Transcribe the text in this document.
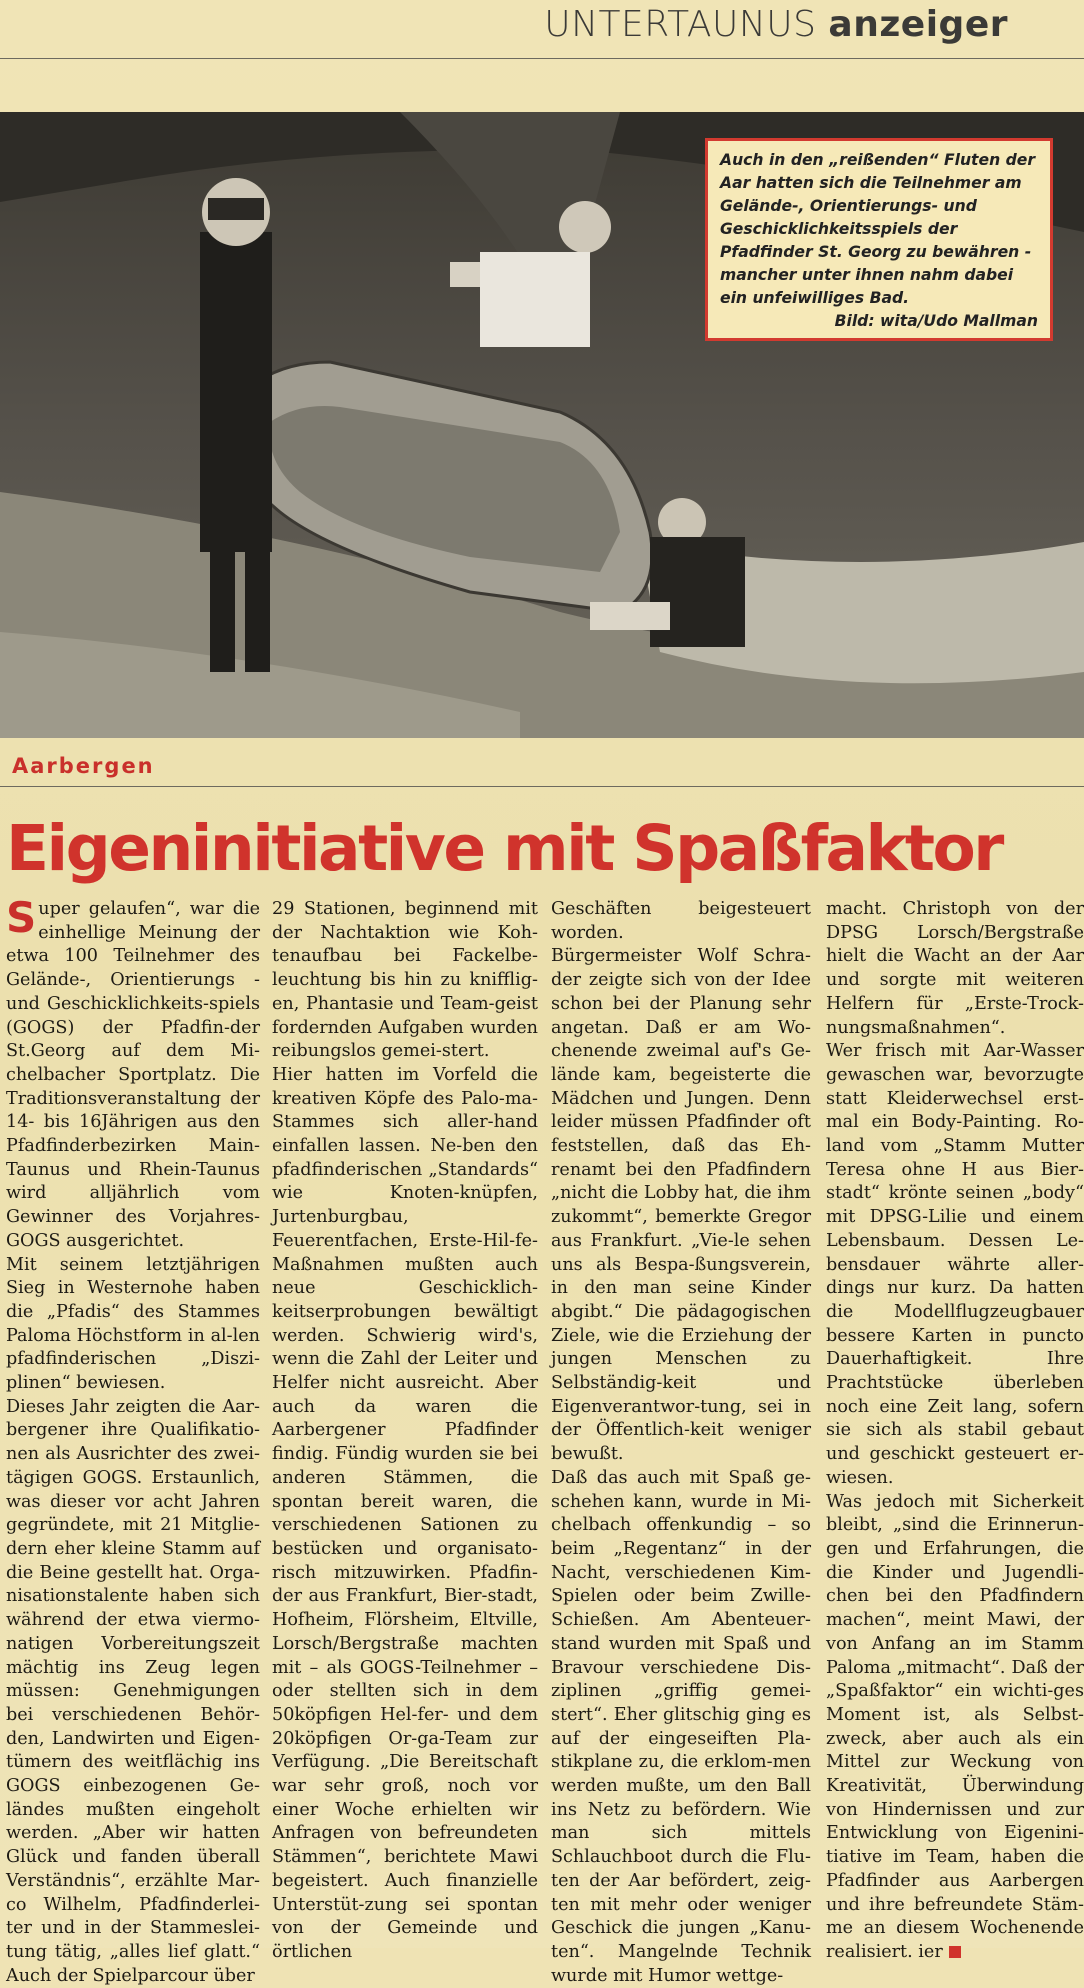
UNTERTAUNUS anzeiger
Auch in den „reißenden“ Fluten der
Aar hatten sich die Teilnehmer am
Gelände-, Orientierungs- und
Geschicklichkeitsspiels der
Pfadfinder St. Georg zu bewähren -
mancher unter ihnen nahm dabei
ein unfeiwilliges Bad.
Bild: wita/Udo Mallman
Aarbergen
Eigeninitiative mit Spaßfaktor

Super gelaufen“, war die einhellige Meinung der etwa 100 Teilnehmer des Gelände-, Orientierungs - und Geschicklichkeits-spiels (GOGS) der Pfadfin-der St.Georg auf dem Mi-chelbacher Sportplatz. Die Traditionsveranstaltung der 14- bis 16Jährigen aus den Pfadfinderbezirken Main-Taunus und Rhein-Taunus wird alljährlich vom Gewinner des Vorjahres-GOGS ausgerichtet.

Mit seinem letztjährigen Sieg in Westernohe haben die „Pfadis“ des Stammes Paloma Höchstform in al-len pfadfinderischen „Diszi-plinen“ bewiesen.

Dieses Jahr zeigten die Aar-bergener ihre Qualifikatio-nen als Ausrichter des zwei-tägigen GOGS. Erstaunlich, was dieser vor acht Jahren gegründete, mit 21 Mitglie-dern eher kleine Stamm auf die Beine gestellt hat. Orga-nisationstalente haben sich während der etwa viermo-natigen Vorbereitungszeit mächtig ins Zeug legen müssen: Genehmigungen bei verschiedenen Behör-den, Landwirten und Eigen-tümern des weitflächig ins GOGS einbezogenen Ge-ländes mußten eingeholt werden. „Aber wir hatten Glück und fanden überall Verständnis“, erzählte Mar-co Wilhelm, Pfadfinderlei-ter und in der Stammeslei-tung tätig, „alles lief glatt.“ Auch der Spielparcour über

29 Stationen, beginnend mit der Nachtaktion wie Koh-tenaufbau bei Fackelbe-leuchtung bis hin zu knifflig-en, Phantasie und Team-geist fordernden Aufgaben wurden reibungslos gemei-stert.

Hier hatten im Vorfeld die kreativen Köpfe des Palo-ma-Stammes sich aller-hand einfallen lassen. Ne-ben den pfadfinderischen „Standards“ wie Knoten-knüpfen, Jurtenburgbau, Feuerentfachen, Erste-Hil-fe-Maßnahmen mußten auch neue Geschicklich-keitserprobungen bewältigt werden. Schwierig wird's, wenn die Zahl der Leiter und Helfer nicht ausreicht. Aber auch da waren die Aarbergener Pfadfinder findig. Fündig wurden sie bei anderen Stämmen, die spontan bereit waren, die verschiedenen Sationen zu bestücken und organisato-risch mitzuwirken. Pfadfin-der aus Frankfurt, Bier-stadt, Hofheim, Flörsheim, Eltville, Lorsch/Bergstraße machten mit – als GOGS-Teilnehmer – oder stellten sich in dem 50köpfigen Hel-fer- und dem 20köpfigen Or-ga-Team zur Verfügung. „Die Bereitschaft war sehr groß, noch vor einer Woche erhielten wir Anfragen von befreundeten Stämmen“, berichtete Mawi begeistert. Auch finanzielle Unterstüt-zung sei spontan von der Gemeinde und örtlichen

Geschäften beigesteuert worden.

Bürgermeister Wolf Schra-der zeigte sich von der Idee schon bei der Planung sehr angetan. Daß er am Wo-chenende zweimal auf's Ge-lände kam, begeisterte die Mädchen und Jungen. Denn leider müssen Pfadfinder oft feststellen, daß das Eh-renamt bei den Pfadfindern „nicht die Lobby hat, die ihm zukommt“, bemerkte Gregor aus Frankfurt. „Vie-le sehen uns als Bespa-ßungsverein, in den man seine Kinder abgibt.“ Die pädagogischen Ziele, wie die Erziehung der jungen Menschen zu Selbständig-keit und Eigenverantwor-tung, sei in der Öffentlich-keit weniger bewußt.

Daß das auch mit Spaß ge-schehen kann, wurde in Mi-chelbach offenkundig – so beim „Regentanz“ in der Nacht, verschiedenen Kim-Spielen oder beim Zwille-Schießen. Am Abenteuer-stand wurden mit Spaß und Bravour verschiedene Dis-ziplinen „griffig gemei-stert“. Eher glitschig ging es auf der eingeseiften Pla-stikplane zu, die erklom-men werden mußte, um den Ball ins Netz zu befördern. Wie man sich mittels Schlauchboot durch die Flu-ten der Aar befördert, zeig-ten mit mehr oder weniger Geschick die jungen „Kanu-ten“. Mangelnde Technik wurde mit Humor wettge-

macht. Christoph von der DPSG Lorsch/Bergstraße hielt die Wacht an der Aar und sorgte mit weiteren Helfern für „Erste-Trock-nungsmaßnahmen“.

Wer frisch mit Aar-Wasser gewaschen war, bevorzugte statt Kleiderwechsel erst-mal ein Body-Painting. Ro-land vom „Stamm Mutter Teresa ohne H aus Bier-stadt“ krönte seinen „body“ mit DPSG-Lilie und einem Lebensbaum. Dessen Le-bensdauer währte aller-dings nur kurz. Da hatten die Modellflugzeugbauer bessere Karten in puncto Dauerhaftigkeit. Ihre Prachtstücke überleben noch eine Zeit lang, sofern sie sich als stabil gebaut und geschickt gesteuert er-wiesen.

Was jedoch mit Sicherkeit bleibt, „sind die Erinnerun-gen und Erfahrungen, die die Kinder und Jugendli-chen bei den Pfadfindern machen“, meint Mawi, der von Anfang an im Stamm Paloma „mitmacht“. Daß der „Spaßfaktor“ ein wichti-ges Moment ist, als Selbst-zweck, aber auch als ein Mittel zur Weckung von Kreativität, Überwindung von Hindernissen und zur Entwicklung von Eigenini-tiative im Team, haben die Pfadfinder aus Aarbergen und ihre befreundete Stäm-me an diesem Wochenende realisiert. ier
